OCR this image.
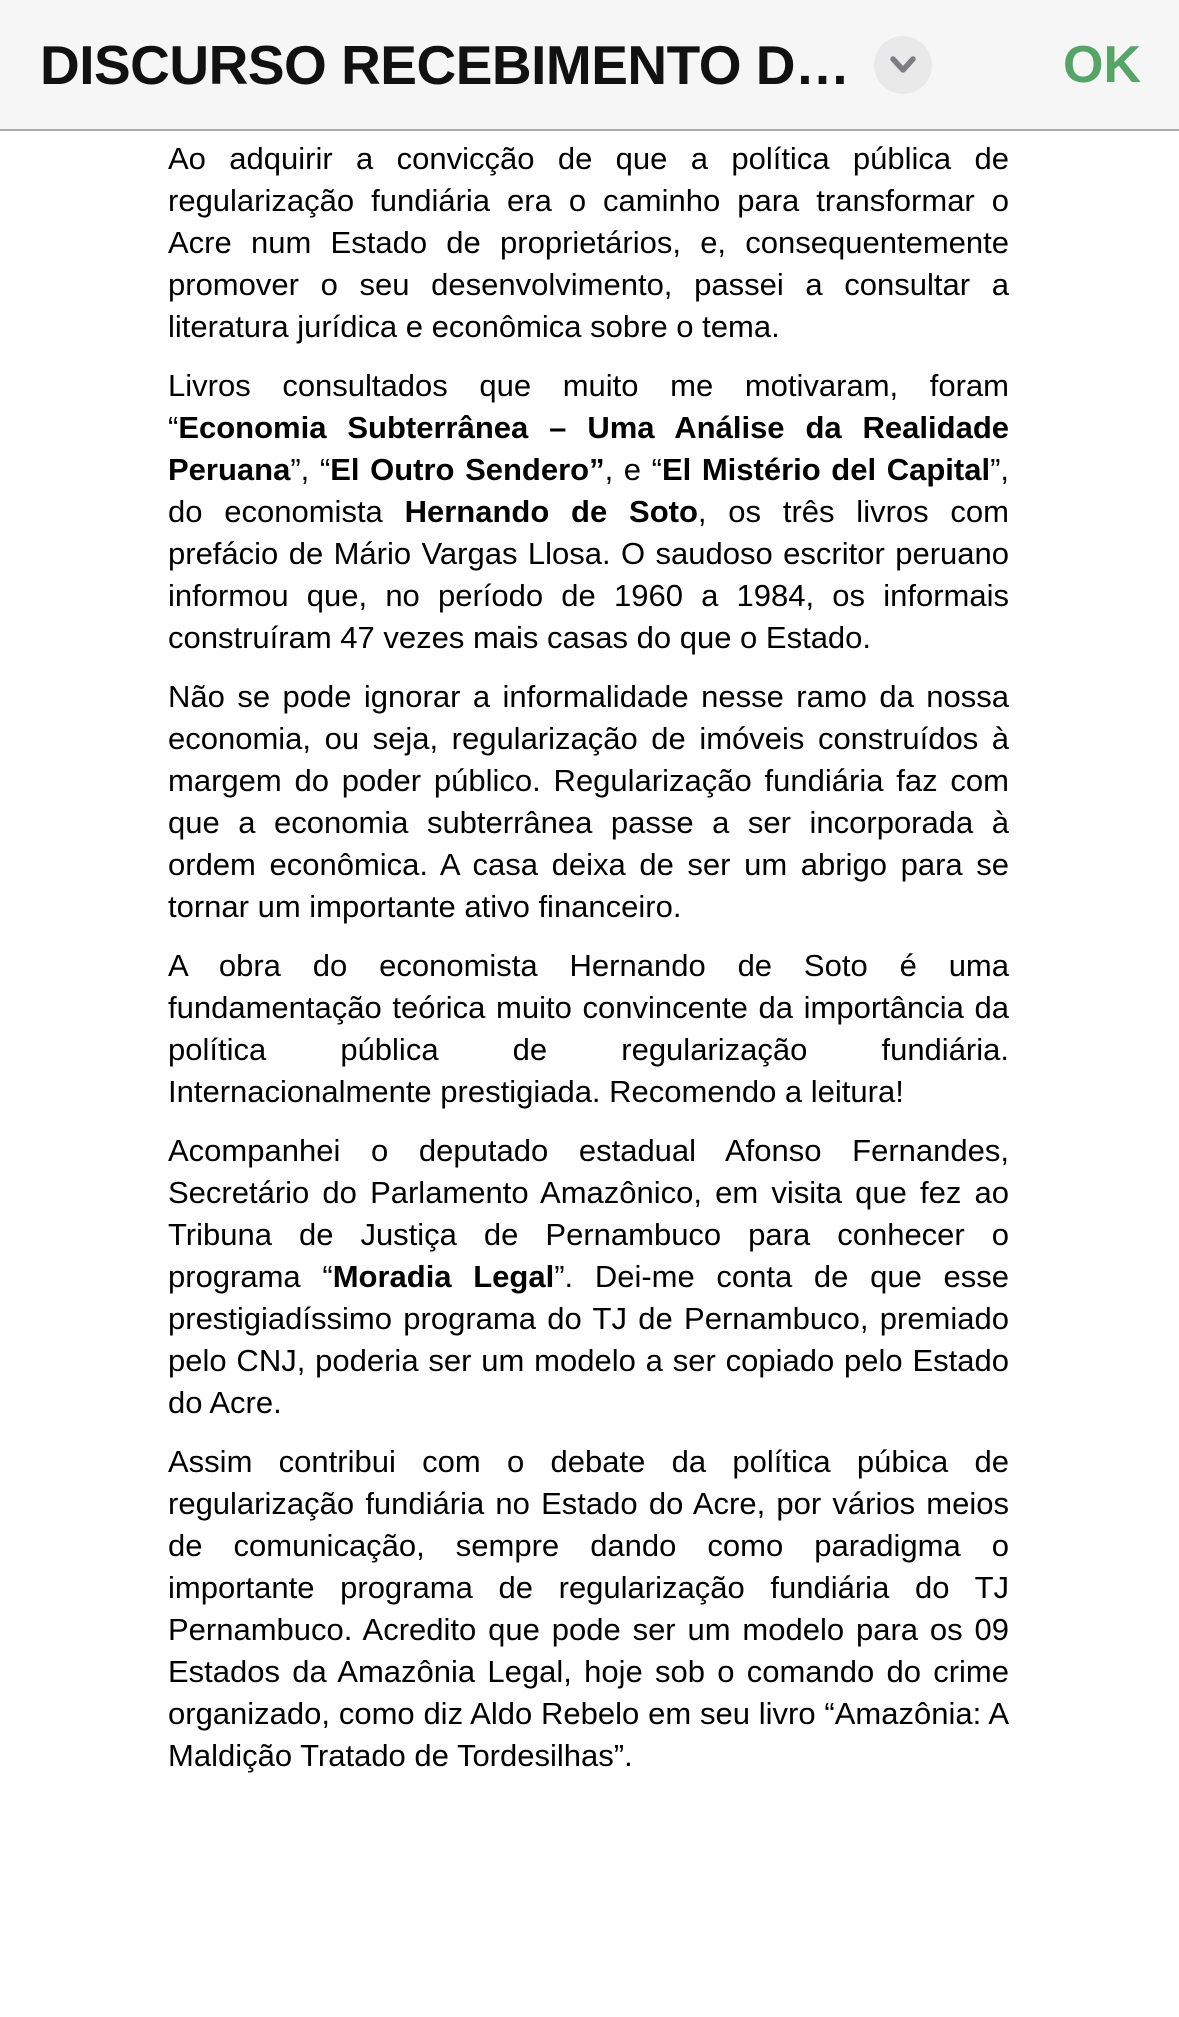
DISCURSO RECEBIMENTO D…	OK

Ao adquirir a convicção de que a política pública de regularização fundiária era o caminho para transformar o Acre num Estado de proprietários, e, consequentemente promover o seu desenvolvimento, passei a consultar a literatura jurídica e econômica sobre o tema.

Livros consultados que muito me motivaram, foram “Economia Subterrânea – Uma Análise da Realidade Peruana”, “El Outro Sendero”, e “El Mistério del Capital”, do economista Hernando de Soto, os três livros com prefácio de Mário Vargas Llosa. O saudoso escritor peruano informou que, no período de 1960 a 1984, os informais construíram 47 vezes mais casas do que o Estado.

Não se pode ignorar a informalidade nesse ramo da nossa economia, ou seja, regularização de imóveis construídos à margem do poder público. Regularização fundiária faz com que a economia subterrânea passe a ser incorporada à ordem econômica. A casa deixa de ser um abrigo para se tornar um importante ativo financeiro.

A obra do economista Hernando de Soto é uma fundamentação teórica muito convincente da importância da política pública de regularização fundiária. Internacionalmente prestigiada. Recomendo a leitura!

Acompanhei o deputado estadual Afonso Fernandes, Secretário do Parlamento Amazônico, em visita que fez ao Tribuna de Justiça de Pernambuco para conhecer o programa “Moradia Legal”. Dei-me conta de que esse prestigiadíssimo programa do TJ de Pernambuco, premiado pelo CNJ, poderia ser um modelo a ser copiado pelo Estado do Acre.

Assim contribui com o debate da política púbica de regularização fundiária no Estado do Acre, por vários meios de comunicação, sempre dando como paradigma o importante programa de regularização fundiária do TJ Pernambuco. Acredito que pode ser um modelo para os 09 Estados da Amazônia Legal, hoje sob o comando do crime organizado, como diz Aldo Rebelo em seu livro “Amazônia: A Maldição Tratado de Tordesilhas”.
